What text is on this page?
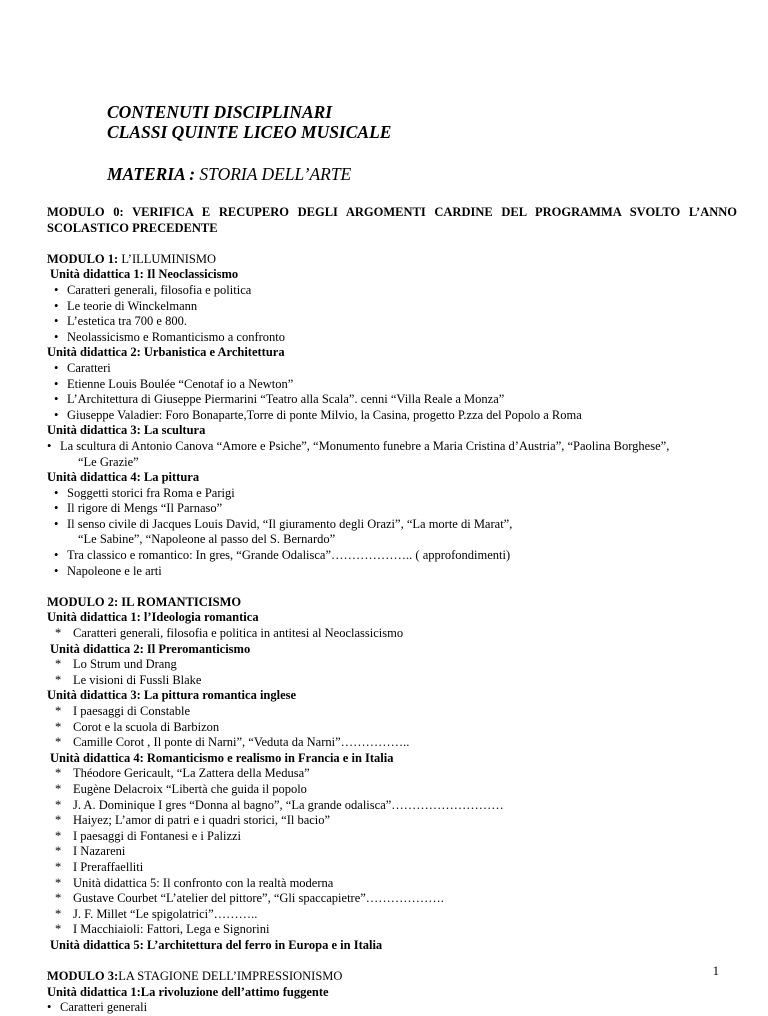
CONTENUTI DISCIPLINARI
CLASSI QUINTE LICEO MUSICALE
MATERIA : STORIA DELL’ARTE
MODULO 0: VERIFICA E RECUPERO DEGLI ARGOMENTI CARDINE DEL PROGRAMMA SVOLTO L’ANNO SCOLASTICO PRECEDENTE
MODULO 1: L’ILLUMINISMO
Unità didattica 1: Il Neoclassicismo
• Caratteri generali, filosofia e politica
• Le teorie di Winckelmann
• L’estetica tra 700 e 800.
• Neolassicismo e Romanticismo a confronto
Unità didattica 2: Urbanistica e Architettura
• Caratteri
• Etienne Louis Boulée “Cenotaf io a Newton”
• L’Architettura di Giuseppe Piermarini “Teatro alla Scala”. cenni “Villa Reale a Monza”
• Giuseppe Valadier: Foro Bonaparte,Torre di ponte Milvio, la Casina, progetto P.zza del Popolo a Roma
Unità didattica 3: La scultura
• La scultura di Antonio Canova “Amore e Psiche”, “Monumento funebre a Maria Cristina d’Austria”, “Paolina Borghese”,
“Le Grazie”
Unità didattica 4: La pittura
• Soggetti storici fra Roma e Parigi
• Il rigore di Mengs “Il Parnaso”
• Il senso civile di Jacques Louis David, “Il giuramento degli Orazi”, “La morte di Marat”,
“Le Sabine”, “Napoleone al passo del S. Bernardo”
• Tra classico e romantico: In gres, “Grande Odalisca”……………….. ( approfondimenti)
• Napoleone e le arti
MODULO 2: IL ROMANTICISMO
Unità didattica 1: l’Ideologia romantica
* Caratteri generali, filosofia e politica in antitesi al Neoclassicismo
Unità didattica 2: Il Preromanticismo
* Lo Strum und Drang
* Le visioni di Fussli Blake
Unità didattica 3: La pittura romantica inglese
* I paesaggi di Constable
* Corot e la scuola di Barbizon
* Camille Corot , Il ponte di Narni”, “Veduta da Narni”……………..
Unità didattica 4: Romanticismo e realismo in Francia e in Italia
* Théodore Gericault, “La Zattera della Medusa”
* Eugène Delacroix “Libertà che guida il popolo
* J. A. Dominique I gres “Donna al bagno”, “La grande odalisca”………………………
* Haiyez; L’amor di patri e i quadri storici, “Il bacio”
* I paesaggi di Fontanesi e i Palizzi
* I Nazareni
* I Preraffaelliti
* Unità didattica 5: Il confronto con la realtà moderna
* Gustave Courbet “L’atelier del pittore”, “Gli spaccapietre”……………….
* J. F. Millet “Le spigolatrici”………..
* I Macchiaioli: Fattori, Lega e Signorini
Unità didattica 5: L’architettura del ferro in Europa e in Italia
MODULO 3:LA STAGIONE DELL’IMPRESSIONISMO
Unità didattica 1:La rivoluzione dell’attimo fuggente
• Caratteri generali
1
